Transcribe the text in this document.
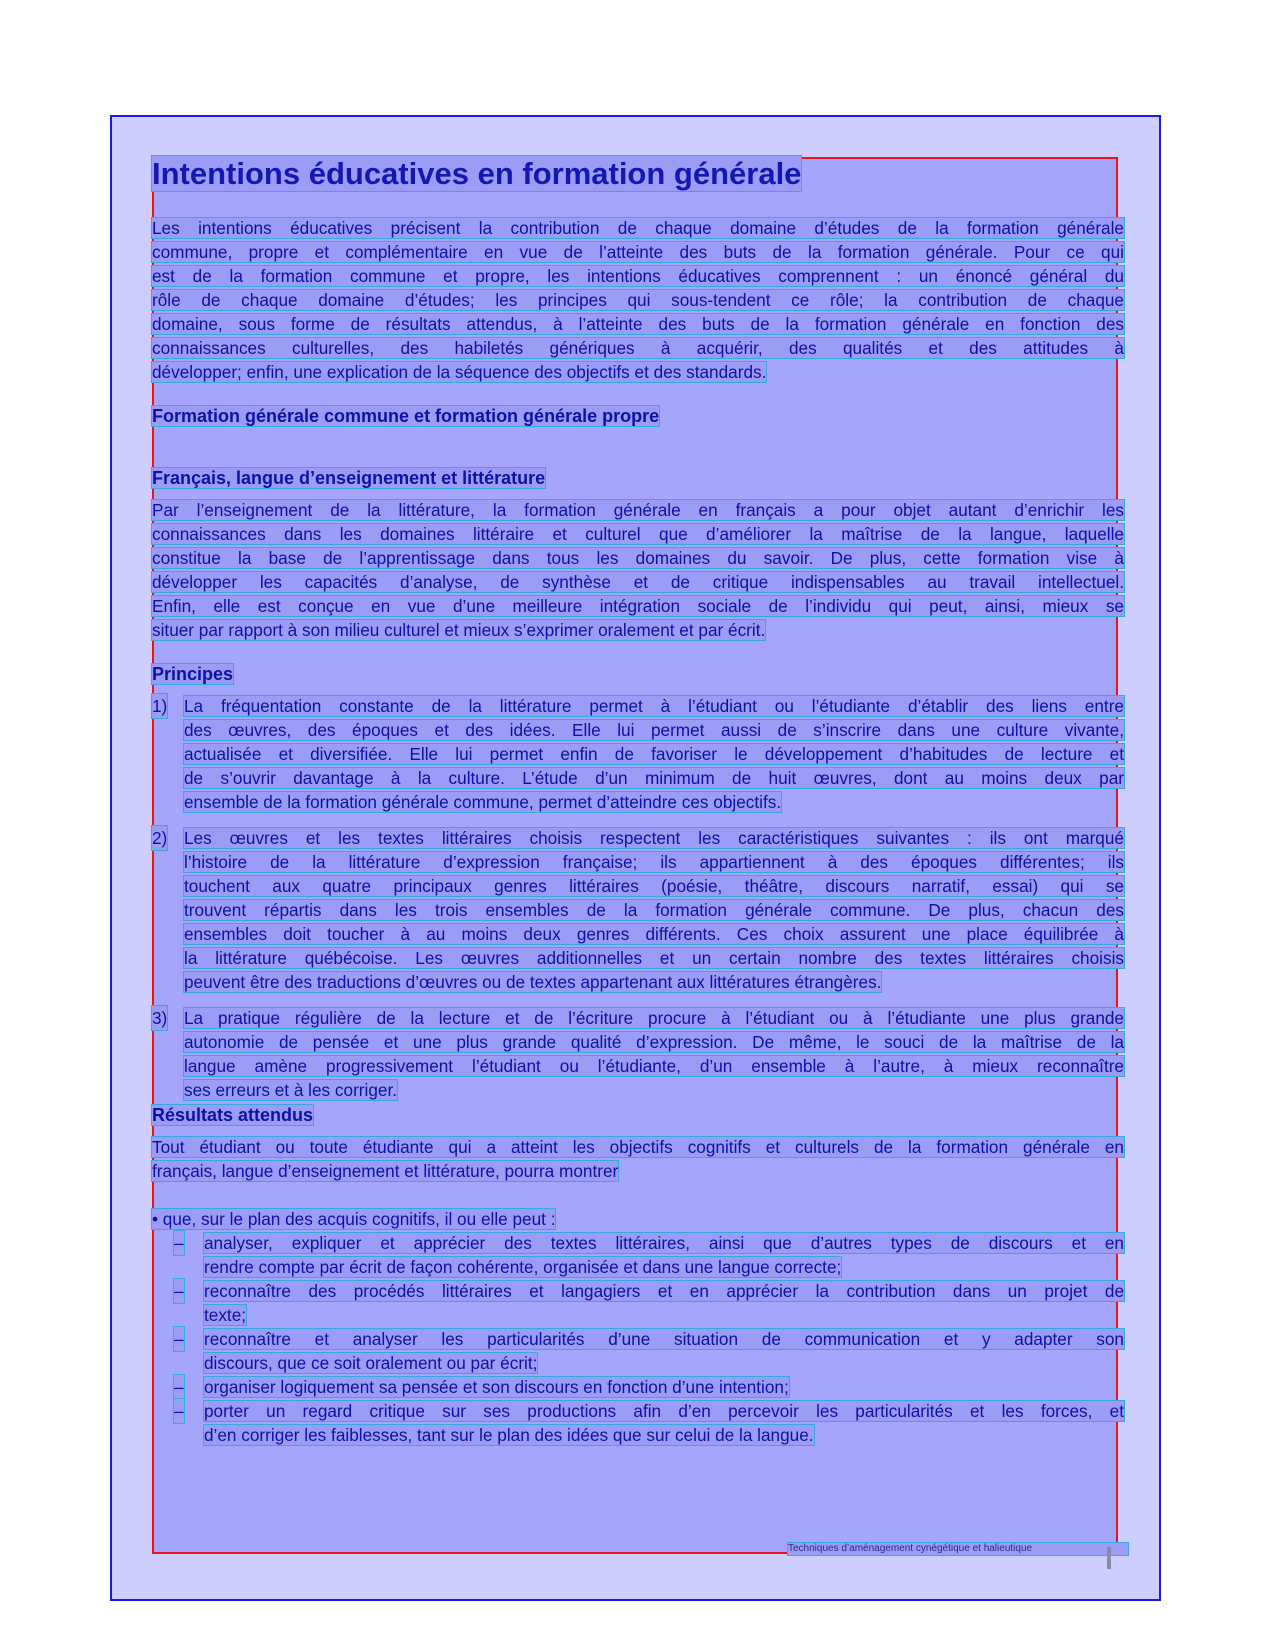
Intentions éducatives en formation générale
Les intentions éducatives précisent la contribution de chaque domaine d’études de la formation générale
commune, propre et complémentaire en vue de l’atteinte des buts de la formation générale. Pour ce qui
est de la formation commune et propre, les intentions éducatives comprennent : un énoncé général du
rôle de chaque domaine d’études; les principes qui sous-tendent ce rôle; la contribution de chaque
domaine, sous forme de résultats attendus, à l’atteinte des buts de la formation générale en fonction des
connaissances culturelles, des habiletés génériques à acquérir, des qualités et des attitudes à
développer; enfin, une explication de la séquence des objectifs et des standards.
Formation générale commune et formation générale propre
Français, langue d’enseignement et littérature
Par l’enseignement de la littérature, la formation générale en français a pour objet autant d’enrichir les
connaissances dans les domaines littéraire et culturel que d’améliorer la maîtrise de la langue, laquelle
constitue la base de l’apprentissage dans tous les domaines du savoir. De plus, cette formation vise à
développer les capacités d’analyse, de synthèse et de critique indispensables au travail intellectuel.
Enfin, elle est conçue en vue d’une meilleure intégration sociale de l’individu qui peut, ainsi, mieux se
situer par rapport à son milieu culturel et mieux s’exprimer oralement et par écrit.
Principes
1) La fréquentation constante de la littérature permet à l’étudiant ou l’étudiante d’établir des liens entre
des œuvres, des époques et des idées. Elle lui permet aussi de s’inscrire dans une culture vivante,
actualisée et diversifiée. Elle lui permet enfin de favoriser le développement d’habitudes de lecture et
de s’ouvrir davantage à la culture. L’étude d’un minimum de huit œuvres, dont au moins deux par
ensemble de la formation générale commune, permet d’atteindre ces objectifs.
2) Les œuvres et les textes littéraires choisis respectent les caractéristiques suivantes : ils ont marqué
l’histoire de la littérature d’expression française; ils appartiennent à des époques différentes; ils
touchent aux quatre principaux genres littéraires (poésie, théâtre, discours narratif, essai) qui se
trouvent répartis dans les trois ensembles de la formation générale commune. De plus, chacun des
ensembles doit toucher à au moins deux genres différents. Ces choix assurent une place équilibrée à
la littérature québécoise. Les œuvres additionnelles et un certain nombre des textes littéraires choisis
peuvent être des traductions d’œuvres ou de textes appartenant aux littératures étrangères.
3) La pratique régulière de la lecture et de l’écriture procure à l’étudiant ou à l’étudiante une plus grande
autonomie de pensée et une plus grande qualité d’expression. De même, le souci de la maîtrise de la
langue amène progressivement l’étudiant ou l’étudiante, d’un ensemble à l’autre, à mieux reconnaître
ses erreurs et à les corriger.
Résultats attendus
Tout étudiant ou toute étudiante qui a atteint les objectifs cognitifs et culturels de la formation générale en
français, langue d’enseignement et littérature, pourra montrer
• que, sur le plan des acquis cognitifs, il ou elle peut :
– analyser, expliquer et apprécier des textes littéraires, ainsi que d’autres types de discours et en
rendre compte par écrit de façon cohérente, organisée et dans une langue correcte;
– reconnaître des procédés littéraires et langagiers et en apprécier la contribution dans un projet de
texte;
– reconnaître et analyser les particularités d’une situation de communication et y adapter son
discours, que ce soit oralement ou par écrit;
– organiser logiquement sa pensée et son discours en fonction d’une intention;
– porter un regard critique sur ses productions afin d’en percevoir les particularités et les forces, et
d’en corriger les faiblesses, tant sur le plan des idées que sur celui de la langue.
Techniques d’aménagement cynégétique et halieutique
